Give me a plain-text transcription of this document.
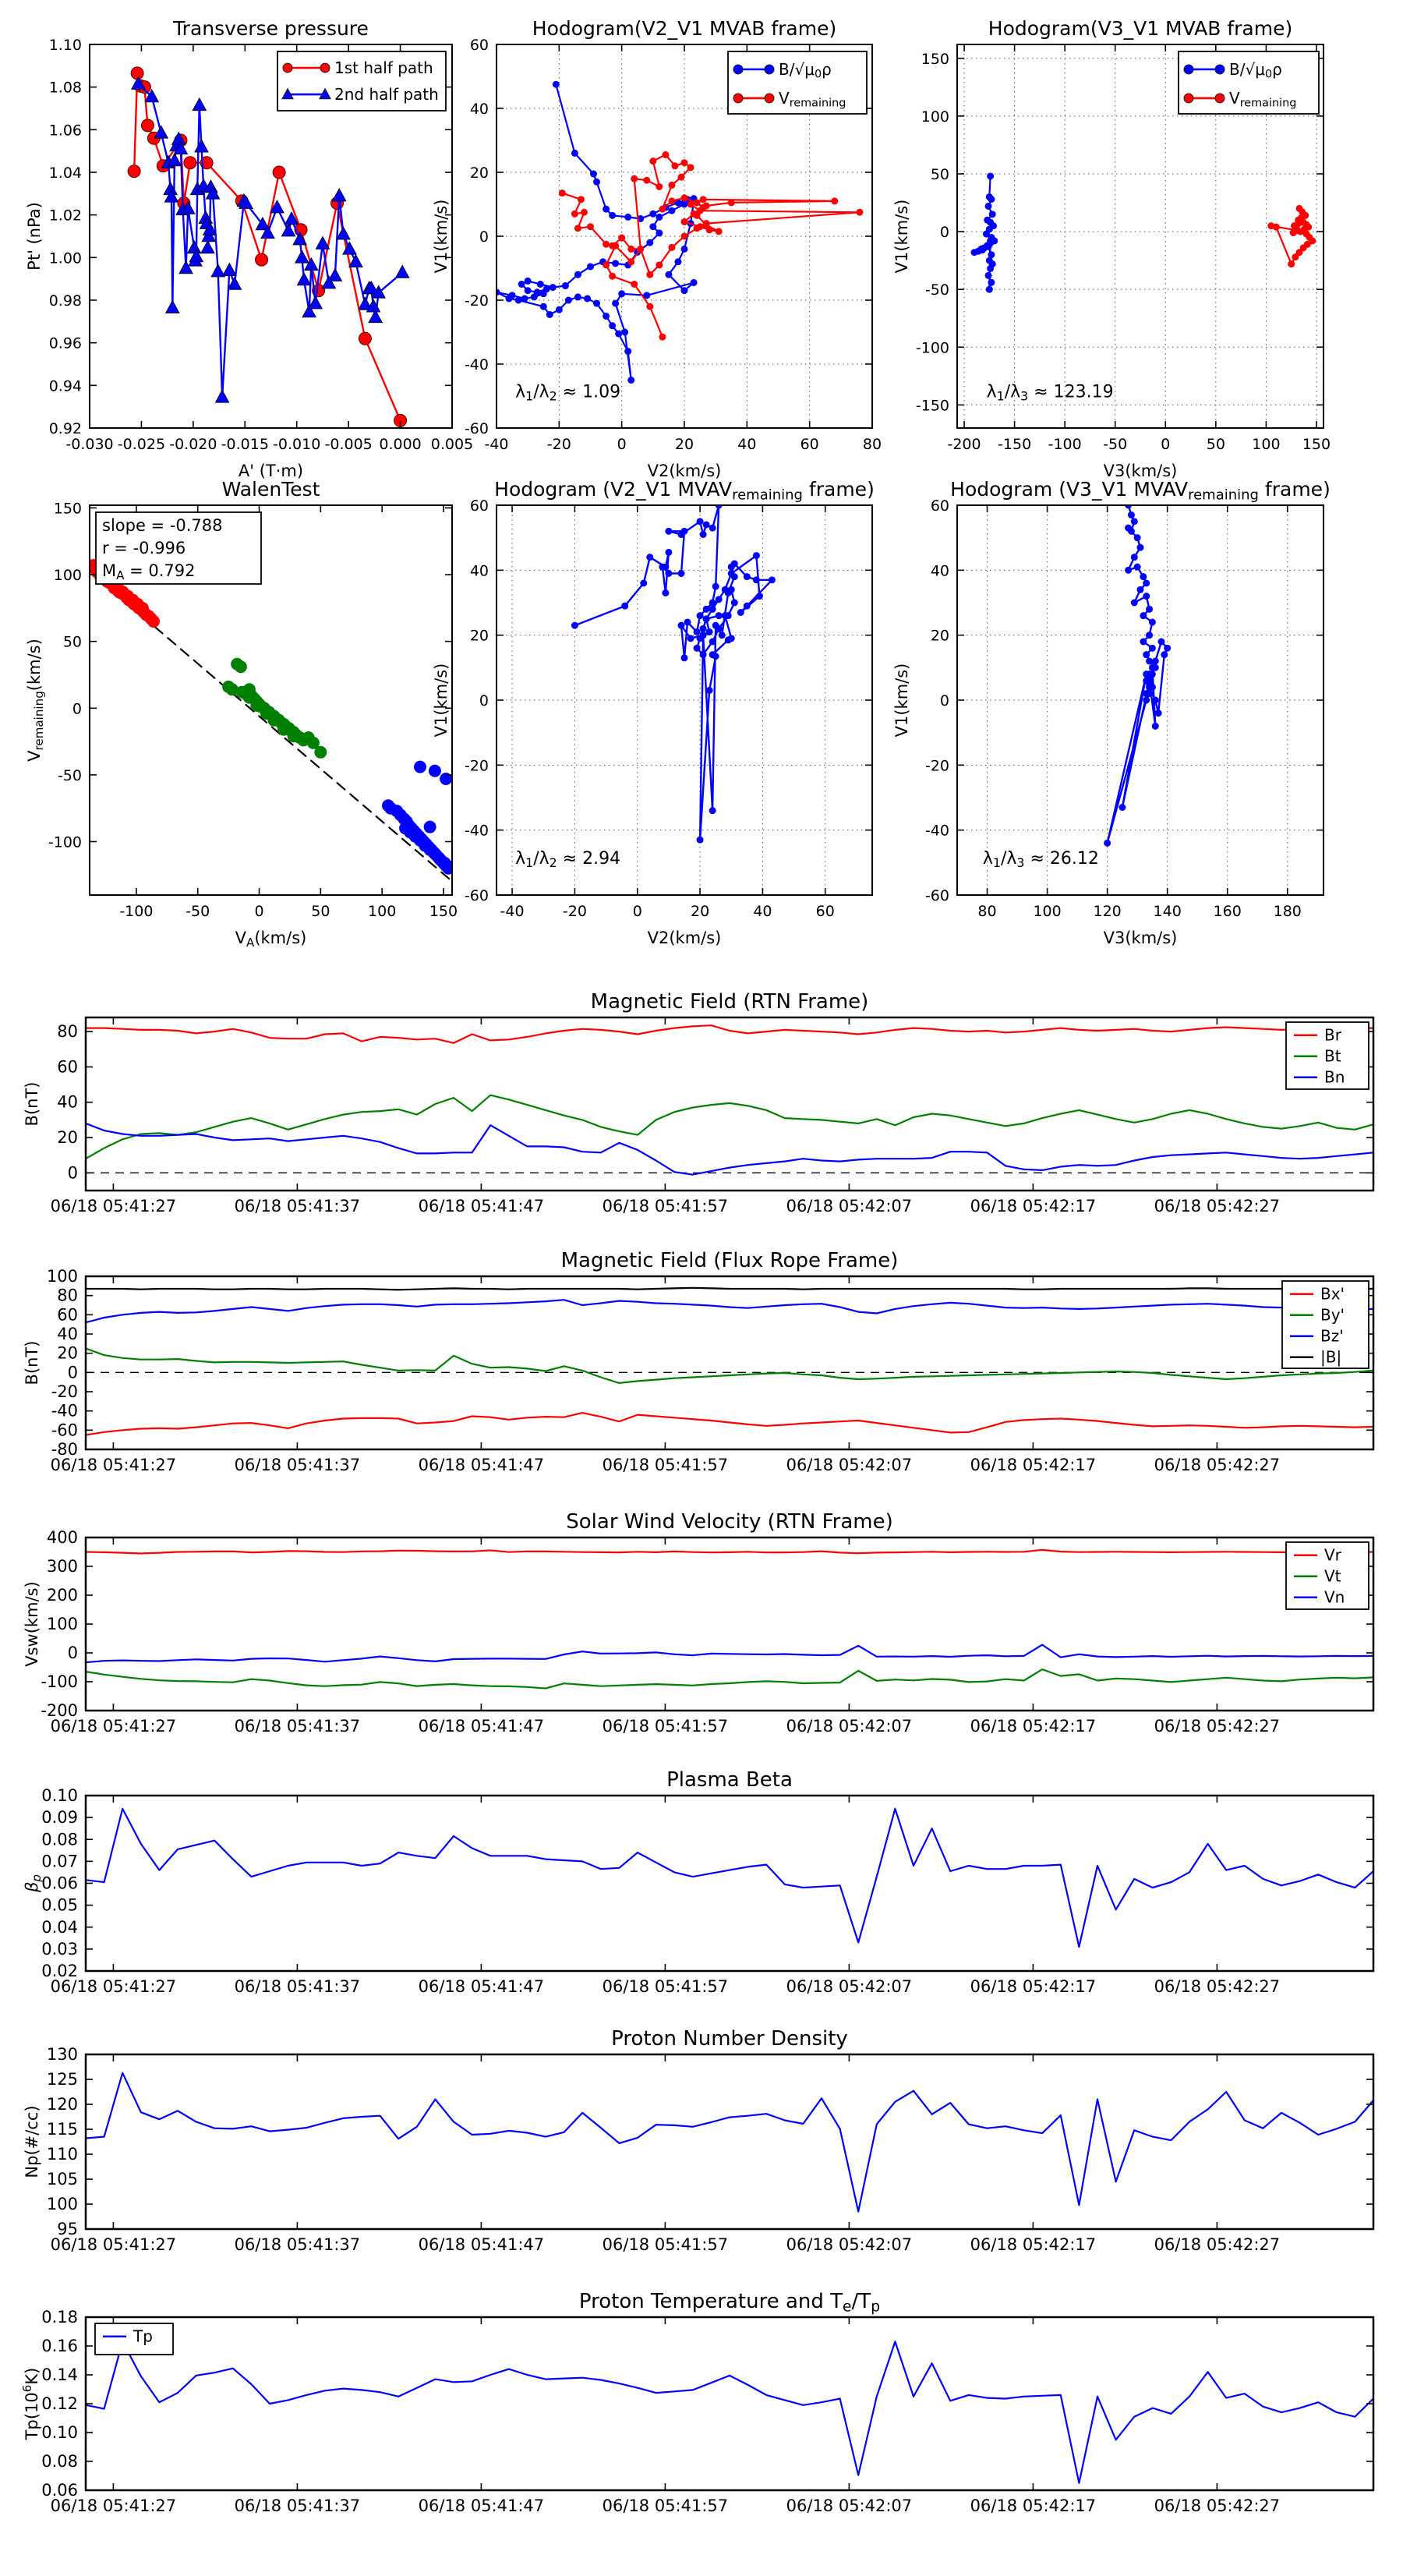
-0.030 -0.025 -0.020 -0.015 -0.010 -0.005 0.000 0.005
0.92
0.94
0.96
0.98
1.00
1.02
1.04
1.06
1.08
1.10
Transverse pressure
A' (T·m)
Pt' (nPa)
1st half path
2nd half path
-40	-20	0	20	40	60	80
-60
-40
-20
0
20
40
60
Hodogram(V2_V1 MVAB frame)
V2(km/s)
V1(km/s)
λ1/λ2 ≈ 1.09
B/√μ0ρ
Vremaining
-200 -150 -100 -50 0 50 100 150
-150
-100
-50
0
50
100
150
Hodogram(V3_V1 MVAB frame)
V3(km/s)
V1(km/s)
λ1/λ3 ≈ 123.19
B/√μ0ρ
Vremaining
-100 -50	0	50	100 150
-100
-50
0
50
100
150
WalenTest
VA(km/s)
Vremaining(km/s)
slope = -0.788
r = -0.996
MA = 0.792
-40	-20	0	20	40	60
-60
-40
-20
0
20
40
60
Hodogram (V2_V1 MVAVremaining frame)
V2(km/s)
V1(km/s)
λ1/λ2 ≈ 2.94
80 100 120 140 160 180
-60
-40
-20
0
20
40
60
Hodogram (V3_V1 MVAVremaining frame)
V3(km/s)
V1(km/s)
λ1/λ3 ≈ 26.12
06/18 05:41:27	06/18 05:41:37	06/18 05:41:47	06/18 05:41:57	06/18 05:42:07	06/18 05:42:17	06/18 05:42:27
0
20
40
60
80
Magnetic Field (RTN Frame)
B(nT)
Br
Bt
Bn
06/18 05:41:27	06/18 05:41:37	06/18 05:41:47	06/18 05:41:57	06/18 05:42:07	06/18 05:42:17	06/18 05:42:27
-80
-60
-40
-20
0
20
40
60
80
100
Magnetic Field (Flux Rope Frame)
B(nT)
Bx'
By'
Bz'
|B|
06/18 05:41:27	06/18 05:41:37	06/18 05:41:47	06/18 05:41:57	06/18 05:42:07	06/18 05:42:17	06/18 05:42:27
-200
-100
0
100
200
300
400
Solar Wind Velocity (RTN Frame)
Vsw(km/s)
Vr
Vt
Vn
06/18 05:41:27	06/18 05:41:37	06/18 05:41:47	06/18 05:41:57	06/18 05:42:07	06/18 05:42:17	06/18 05:42:27
0.02
0.03
0.04
0.05
0.06
0.07
0.08
0.09
0.10
Plasma Beta
βp
06/18 05:41:27	06/18 05:41:37	06/18 05:41:47	06/18 05:41:57	06/18 05:42:07	06/18 05:42:17	06/18 05:42:27
95
100
105
110
115
120
125
130
Proton Number Density
Np(#/cc)
06/18 05:41:27	06/18 05:41:37	06/18 05:41:47	06/18 05:41:57	06/18 05:42:07	06/18 05:42:17	06/18 05:42:27
0.06
0.08
0.10
0.12
0.14
0.16
0.18
Proton Temperature and Te/Tp
$Tp(10^6K)$
Tp
